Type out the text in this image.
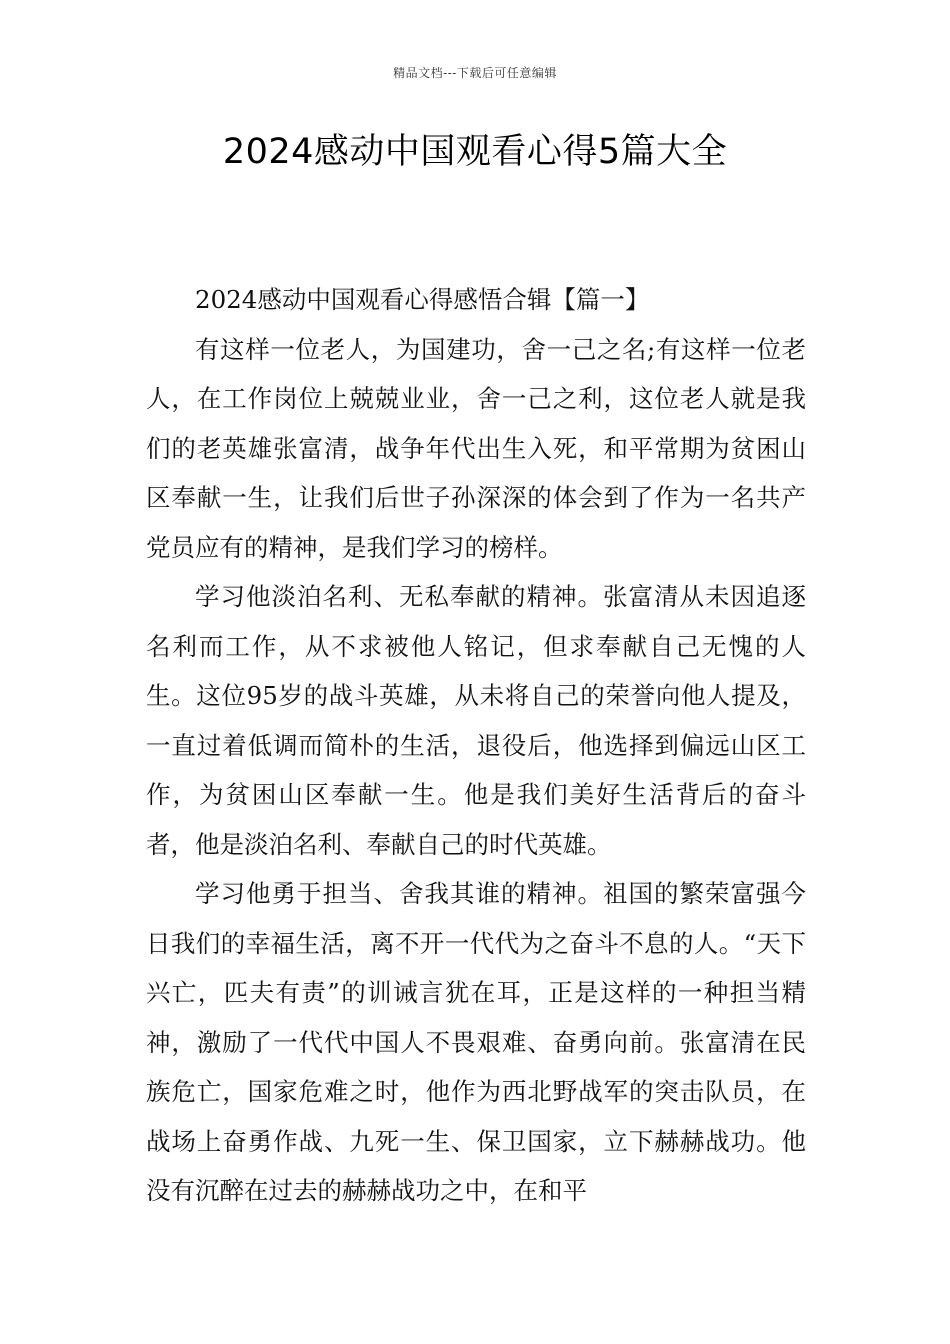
精品文档---下载后可任意编辑
2024感动中国观看心得5篇大全

2024感动中国观看心得感悟合辑【篇一】

有这样一位老人，为国建功，舍一己之名;有这样一位老人，在工作岗位上兢兢业业，舍一己之利，这位老人就是我们的老英雄张富清，战争年代出生入死，和平常期为贫困山区奉献一生，让我们后世子孙深深的体会到了作为一名共产党员应有的精神，是我们学习的榜样。

学习他淡泊名利、无私奉献的精神。张富清从未因追逐名利而工作，从不求被他人铭记，但求奉献自己无愧的人生。这位95岁的战斗英雄，从未将自己的荣誉向他人提及，一直过着低调而简朴的生活，退役后，他选择到偏远山区工作，为贫困山区奉献一生。他是我们美好生活背后的奋斗者，他是淡泊名利、奉献自己的时代英雄。

学习他勇于担当、舍我其谁的精神。祖国的繁荣富强今日我们的幸福生活，离不开一代代为之奋斗不息的人。“天下兴亡，匹夫有责”的训诫言犹在耳，正是这样的一种担当精神，激励了一代代中国人不畏艰难、奋勇向前。张富清在民族危亡，国家危难之时，他作为西北野战军的突击队员，在战场上奋勇作战、九死一生、保卫国家，立下赫赫战功。他没有沉醉在过去的赫赫战功之中，在和平
